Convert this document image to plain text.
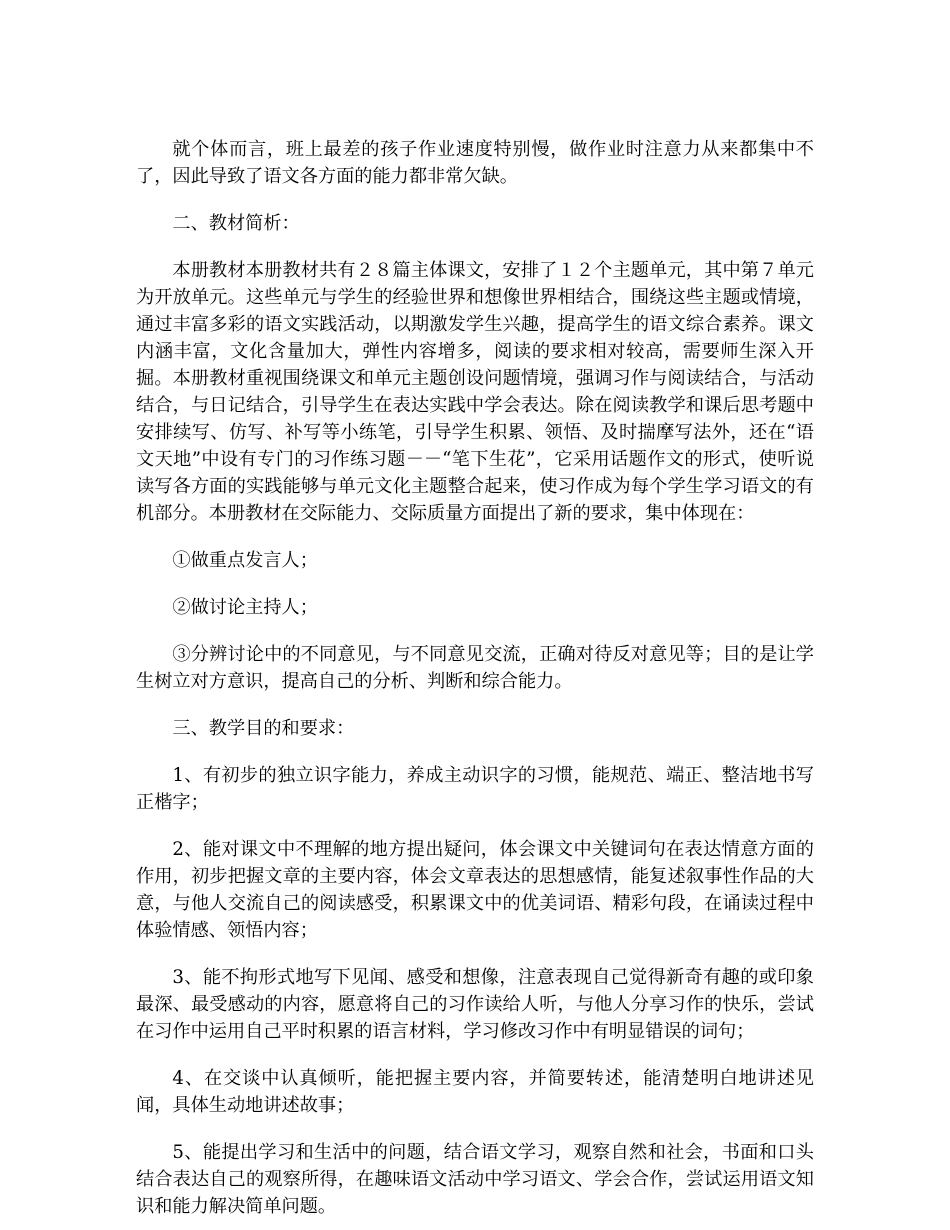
就个体而言，班上最差的孩子作业速度特别慢，做作业时注意力从来都集中不了，因此导致了语文各方面的能力都非常欠缺。

二、教材简析：

本册教材本册教材共有２８篇主体课文，安排了１２个主题单元，其中第７单元为开放单元。这些单元与学生的经验世界和想像世界相结合，围绕这些主题或情境，通过丰富多彩的语文实践活动，以期激发学生兴趣，提高学生的语文综合素养。课文内涵丰富，文化含量加大，弹性内容增多，阅读的要求相对较高，需要师生深入开掘。本册教材重视围绕课文和单元主题创设问题情境，强调习作与阅读结合，与活动结合，与日记结合，引导学生在表达实践中学会表达。除在阅读教学和课后思考题中安排续写、仿写、补写等小练笔，引导学生积累、领悟、及时揣摩写法外，还在“语文天地”中设有专门的习作练习题－－“笔下生花”，它采用话题作文的形式，使听说读写各方面的实践能够与单元文化主题整合起来，使习作成为每个学生学习语文的有机部分。本册教材在交际能力、交际质量方面提出了新的要求，集中体现在：

①做重点发言人；

②做讨论主持人；

③分辨讨论中的不同意见，与不同意见交流，正确对待反对意见等；目的是让学生树立对方意识，提高自己的分析、判断和综合能力。

三、教学目的和要求：

1、有初步的独立识字能力，养成主动识字的习惯，能规范、端正、整洁地书写正楷字；

2、能对课文中不理解的地方提出疑问，体会课文中关键词句在表达情意方面的作用，初步把握文章的主要内容，体会文章表达的思想感情，能复述叙事性作品的大意，与他人交流自己的阅读感受，积累课文中的优美词语、精彩句段，在诵读过程中体验情感、领悟内容；

3、能不拘形式地写下见闻、感受和想像，注意表现自己觉得新奇有趣的或印象最深、最受感动的内容，愿意将自己的习作读给人听，与他人分享习作的快乐，尝试在习作中运用自己平时积累的语言材料，学习修改习作中有明显错误的词句；

4、在交谈中认真倾听，能把握主要内容，并简要转述，能清楚明白地讲述见闻，具体生动地讲述故事；

5、能提出学习和生活中的问题，结合语文学习，观察自然和社会，书面和口头结合表达自己的观察所得，在趣味语文活动中学习语文、学会合作，尝试运用语文知识和能力解决简单问题。
